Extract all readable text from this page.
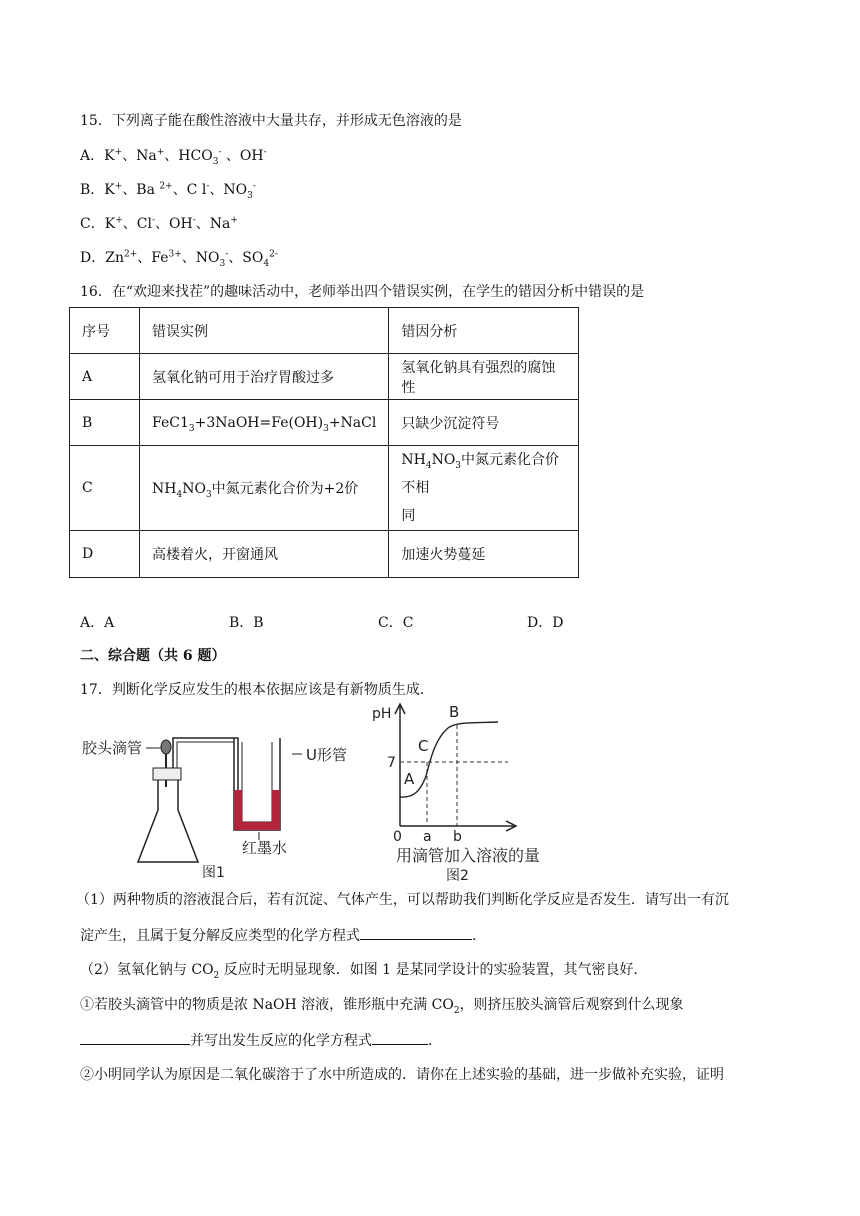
15．下列离子能在酸性溶液中大量共存，并形成无色溶液的是
A．K+、Na+、$HCO_3^-$ 、OH-
B．K+、Ba $^{2+}$、C l-、$NO_3^-$
C．K+、Cl-、OH-、Na+
D．$Zn^{2+}$、$Fe^{3+}$、$NO_3^-$、$SO_4^{2-}$
16．在“欢迎来找茬”的趣味活动中，老师举出四个错误实例，在学生的错因分析中错误的是
序号	错误实例	错因分析
A	氢氧化钠可用于治疗胃酸过多	氢氧化钠具有强烈的腐蚀性
B	$FeC1_3+3NaOH=Fe(OH)_3+NaCl$	只缺少沉淀符号
C	$NH_4NO_3$中氮元素化合价为+2价	$NH_4NO_3$中氮元素化合价不相
同
D	高楼着火，开窗通风	加速火势蔓延
A．A	B．B	C．C	D．D
二、综合题（共 6 题）
17．判断化学反应发生的根本依据应该是有新物质生成．
胶头滴管	U形管
红墨水
图1
pH
7
A
B
C
0 a b
用滴管加入溶液的量
图2
（1）两种物质的溶液混合后，若有沉淀、气体产生，可以帮助我们判断化学反应是否发生．请写出一有沉
淀产生，且属于复分解反应类型的化学方程式	．
（2）氢氧化钠与 $CO_2$ 反应时无明显现象．如图 1 是某同学设计的实验装置，其气密良好．
①若胶头滴管中的物质是浓 NaOH 溶液，锥形瓶中充满 $CO_2$，则挤压胶头滴管后观察到什么现象
并写出发生反应的化学方程式	．
②小明同学认为原因是二氧化碳溶于了水中所造成的．请你在上述实验的基础，进一步做补充实验，证明
